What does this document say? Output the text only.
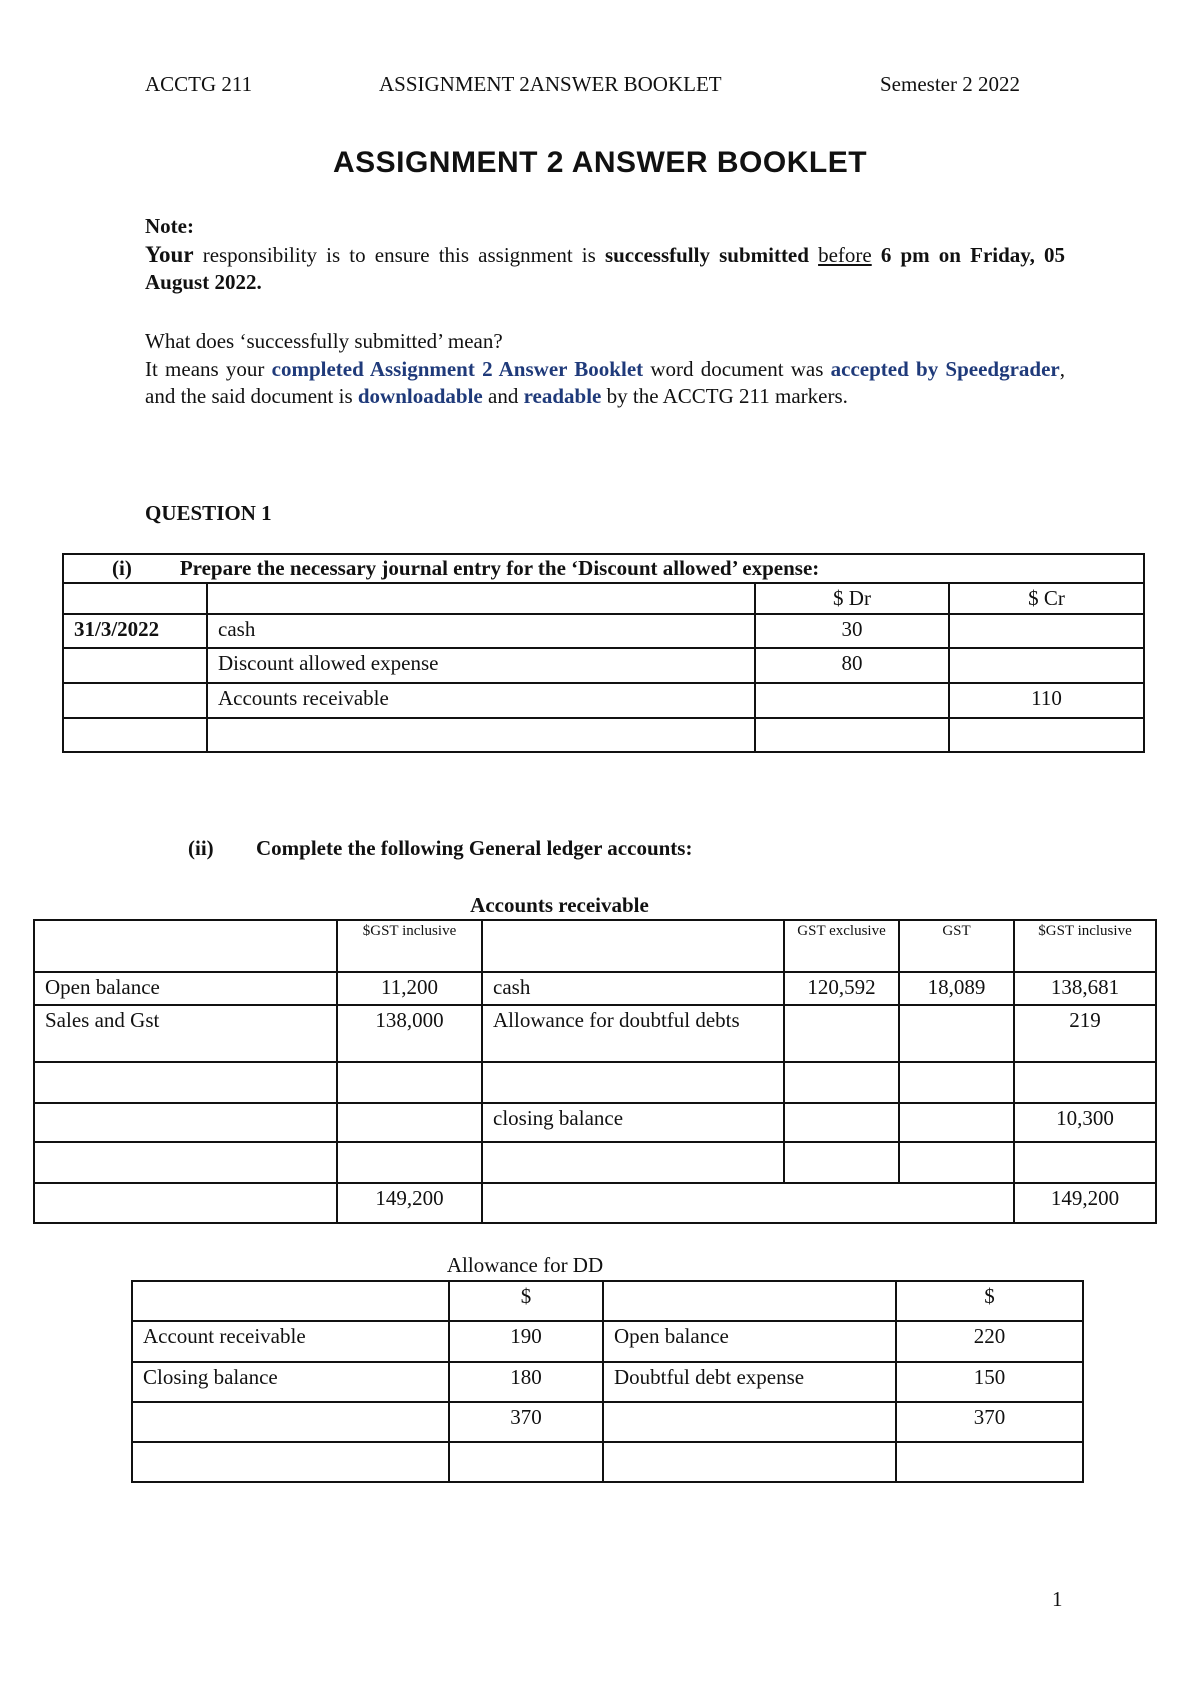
ACCTG 211	ASSIGNMENT 2ANSWER BOOKLET	Semester 2 2022
ASSIGNMENT 2 ANSWER BOOKLET
Note:
Your responsibility is to ensure this assignment is successfully submitted before 6 pm on Friday, 05 August 2022.
What does ‘successfully submitted’ mean?
It means your completed Assignment 2 Answer Booklet word document was accepted by Speedgrader, and the said document is downloadable and readable by the ACCTG 211 markers.
QUESTION 1
(i) Prepare the necessary journal entry for the ‘Discount allowed’ expense:			
		$ Dr	$ Cr
31/3/2022	cash	30	
	Discount allowed expense	80	
	Accounts receivable		110

(ii) Complete the following General ledger accounts:
Accounts receivable
	$GST inclusive		GST exclusive	GST	$GST inclusive
Open balance	11,200	cash	120,592	18,089	138,681
Sales and Gst	138,000	Allowance for doubtful debts			219

		closing balance			10,300

	149,200				149,200
Allowance for DD
	$		$
Account receivable	190	Open balance	220
Closing balance	180	Doubtful debt expense	150
	370		370

1
